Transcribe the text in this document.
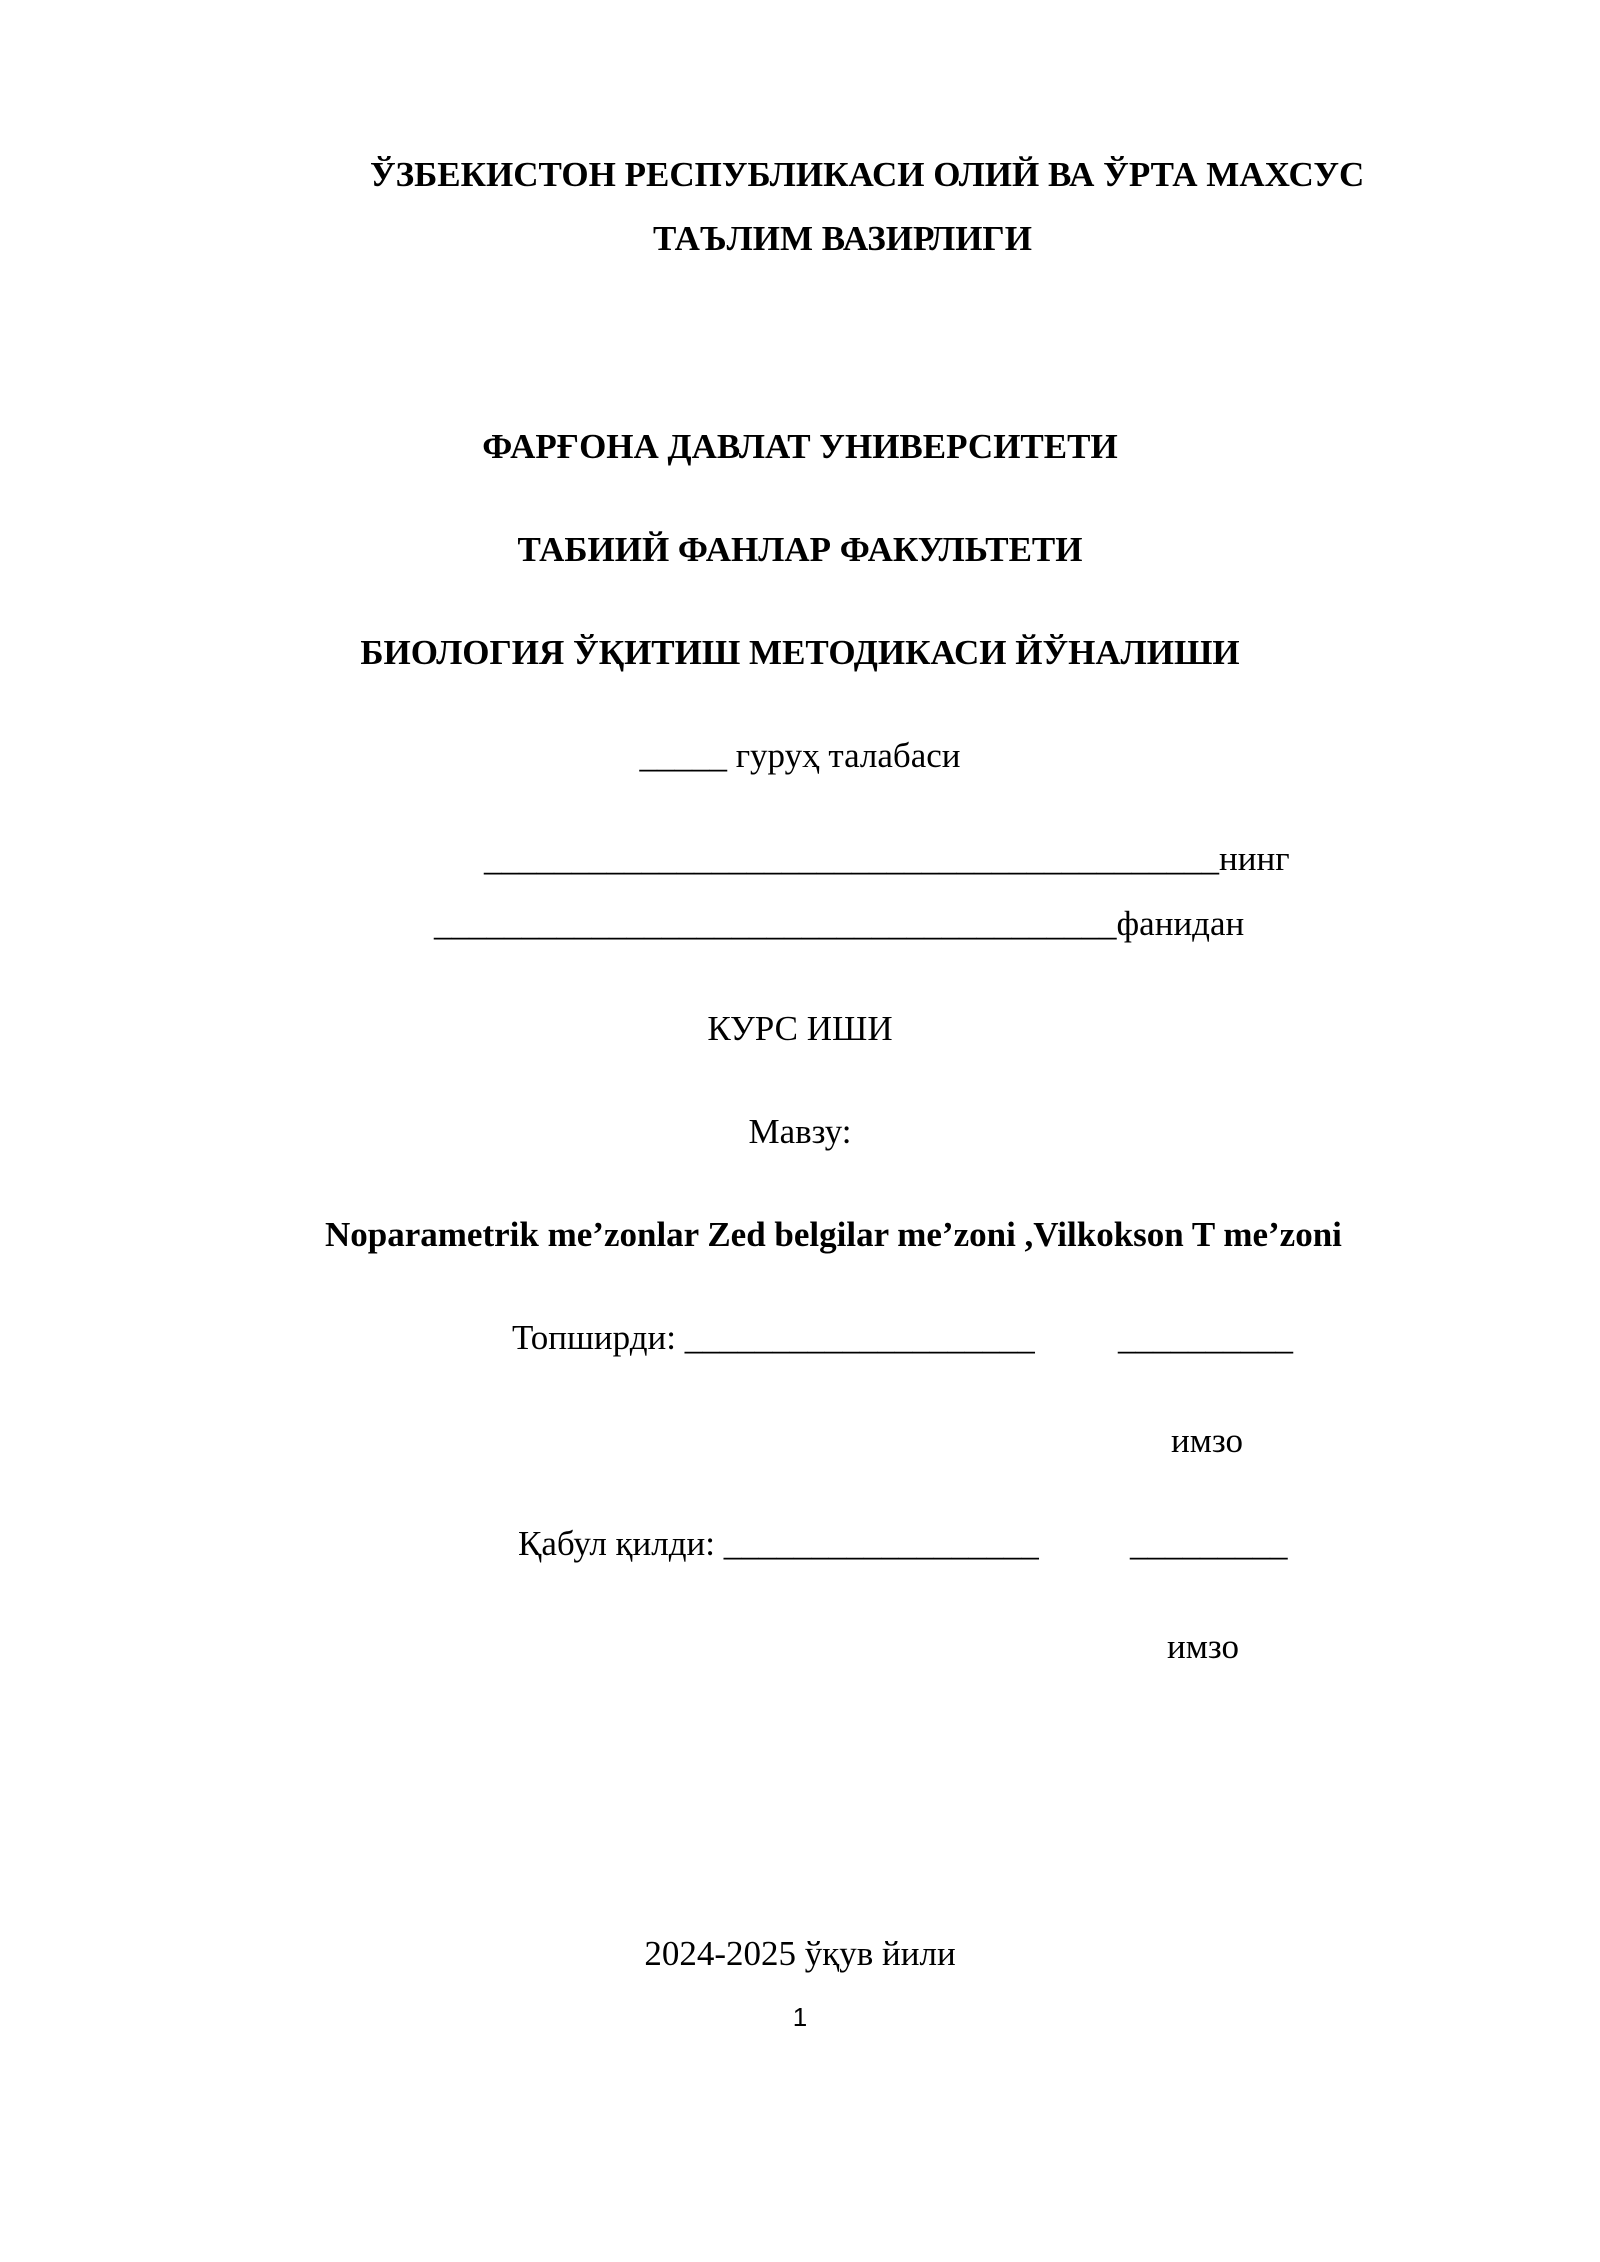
ЎЗБЕКИСТОН РЕСПУБЛИКАСИ ОЛИЙ ВА ЎРТА МАХСУС
ТАЪЛИМ ВАЗИРЛИГИ
ФАРҒОНА ДАВЛАТ УНИВЕРСИТЕТИ
ТАБИИЙ ФАНЛАР ФАКУЛЬТЕТИ
БИОЛОГИЯ ЎҚИТИШ МЕТОДИКАСИ ЙЎНАЛИШИ
_____ гуруҳ талабаси
__________________________________________нинг
_______________________________________фанидан
КУРС ИШИ
Мавзу:
Noparametrik me’zonlar Zed belgilar me’zoni ,Vilkokson T me’zoni
Топширди: ____________________ __________
имзо
Қабул қилди: __________________	_________
имзо
2024-2025 ўқув йили
1
